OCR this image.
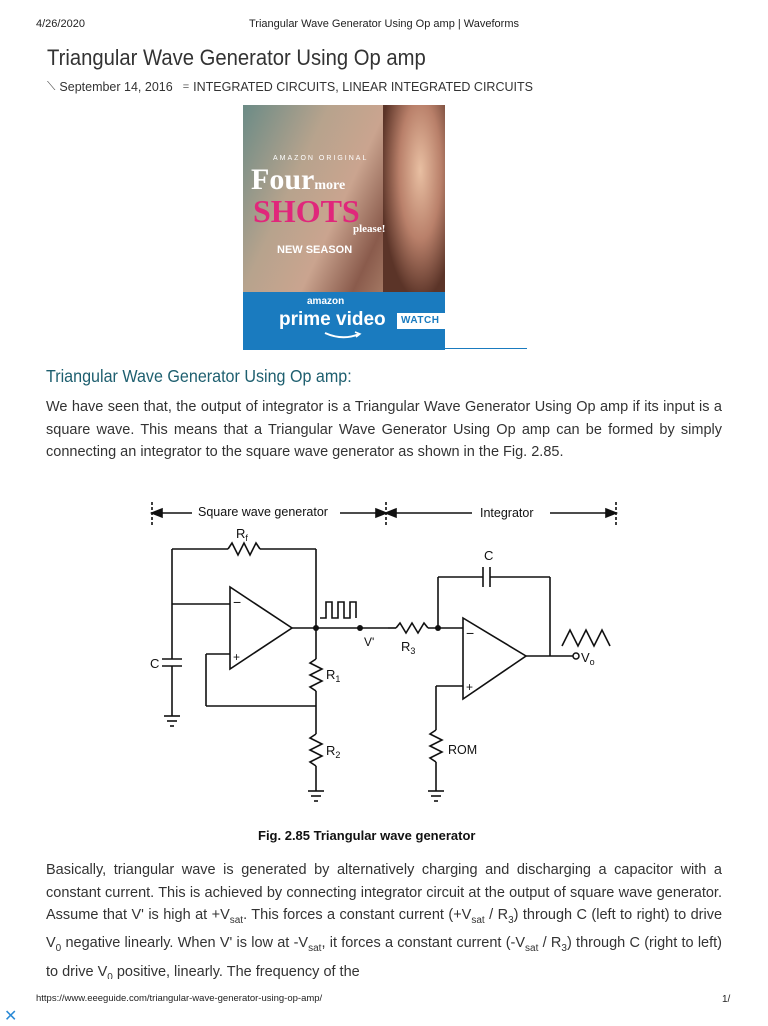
4/26/2020	Triangular Wave Generator Using Op amp | Waveforms
Triangular Wave Generator Using Op amp
⟍ September 14, 2016 = INTEGRATED CIRCUITS, LINEAR INTEGRATED CIRCUITS
AMAZON ORIGINAL
Fourmore
SHOTS
please!
NEW SEASON
amazon
prime video	WATCH
Triangular Wave Generator Using Op amp:

We have seen that, the output of integrator is a Triangular Wave Generator Using Op amp if its input is a square wave. This means that a Triangular Wave Generator Using Op amp can be formed by simply connecting an integrator to the square wave generator as shown in the Fig. 2.85.

Square wave generator	Integrator
$R_f$
−
+
−
+
C
C
$R_1$
$R_2$
$R_3$
V'
ROM
$V_o$
Fig. 2.85 Triangular wave generator

Basically, triangular wave is generated by alternatively charging and discharging a capacitor with a constant current. This is achieved by connecting integrator circuit at the output of square wave generator. Assume that V' is high at $+V_{sat}$. This forces a constant current $(+V_{sat} / R_3)$ through C (left to right) to drive $V_0$ negative linearly. When V' is low at $-V_{sat}$, it forces a constant current $(-V_{sat} / R_3)$ through C (right to left) to drive $V_0$ positive, linearly. The frequency of the

https://www.eeeguide.com/triangular-wave-generator-using-op-amp/	1/
✕
